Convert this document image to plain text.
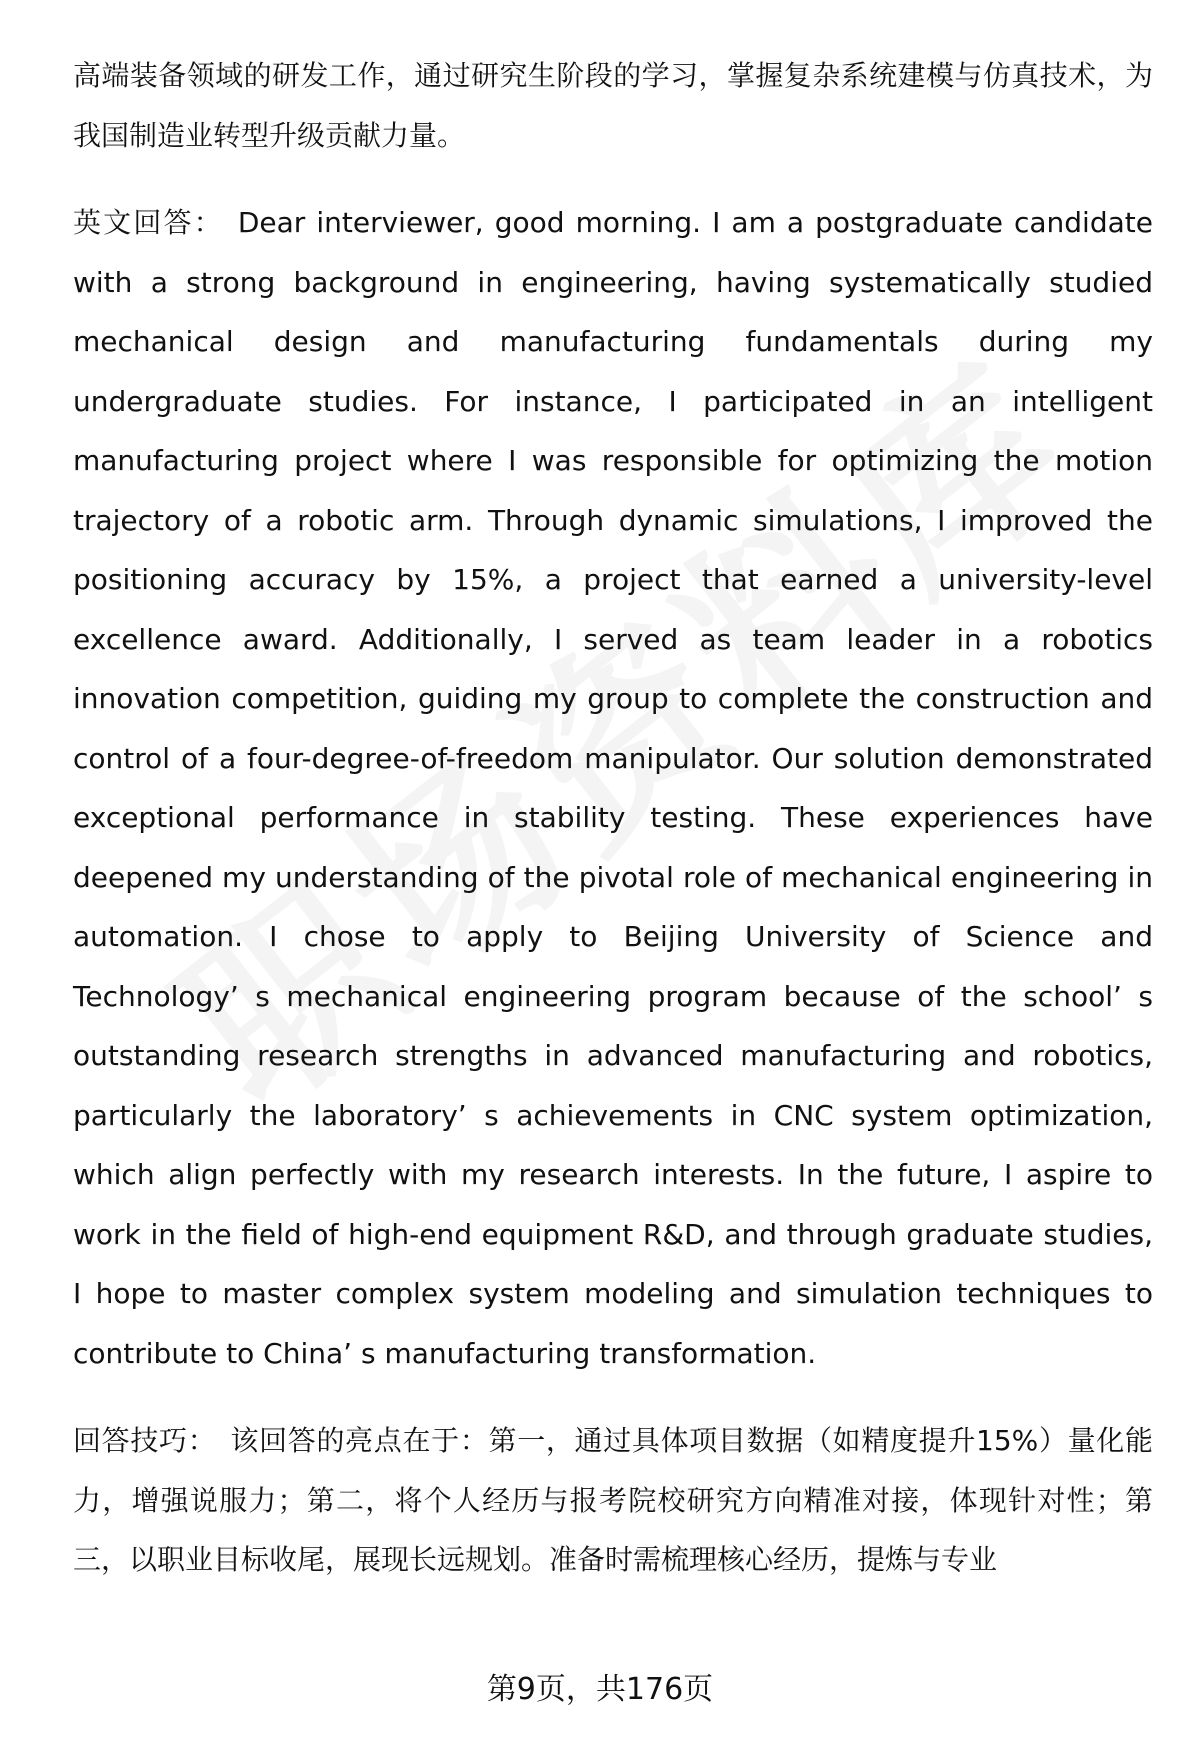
高端装备领域的研发工作，通过研究生阶段的学习，掌握复杂系统建模与仿真技术，为我国制造业转型升级贡献力量。

英文回答： Dear interviewer, good morning. I am a postgraduate candidate with a strong background in engineering, having systematically studied mechanical design and manufacturing fundamentals during my undergraduate studies. For instance, I participated in an intelligent manufacturing project where I was responsible for optimizing the motion trajectory of a robotic arm. Through dynamic simulations, I improved the positioning accuracy by 15%, a project that earned a university-level excellence award. Additionally, I served as team leader in a robotics innovation competition, guiding my group to complete the construction and control of a four-degree-of-freedom manipulator. Our solution demonstrated exceptional performance in stability testing. These experiences have deepened my understanding of the pivotal role of mechanical engineering in automation. I chose to apply to Beijing University of Science and Technology’ s mechanical engineering program because of the school’ s outstanding research strengths in advanced manufacturing and robotics, particularly the laboratory’ s achievements in CNC system optimization, which align perfectly with my research interests. In the future, I aspire to work in the field of high-end equipment R&D, and through graduate studies, I hope to master complex system modeling and simulation techniques to contribute to China’ s manufacturing transformation.

回答技巧： 该回答的亮点在于：第一，通过具体项目数据（如精度提升15%）量化能力，增强说服力；第二，将个人经历与报考院校研究方向精准对接，体现针对性；第三，以职业目标收尾，展现长远规划。准备时需梳理核心经历，提炼与专业

第9页，共176页
